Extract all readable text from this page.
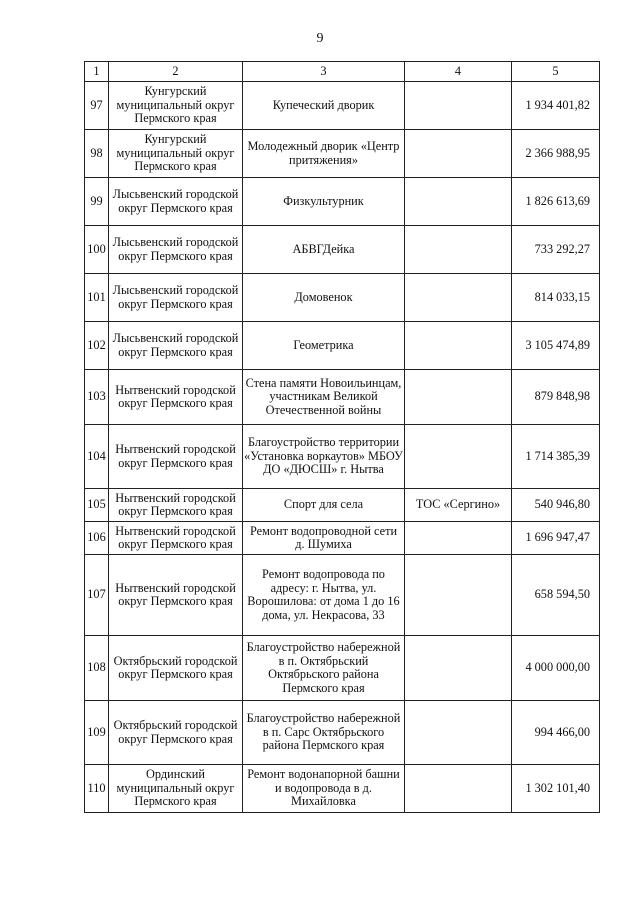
9
1	2	3	4	5
97	Кунгурский муниципальный округ Пермского края	Купеческий дворик		1 934 401,82
98	Кунгурский муниципальный округ Пермского края	Молодежный дворик «Центр притяжения»		2 366 988,95
99	Лысьвенский городской округ Пермского края	Физкультурник		1 826 613,69
100	Лысьвенский городской округ Пермского края	АБВГДейка		733 292,27
101	Лысьвенский городской округ Пермского края	Домовенок		814 033,15
102	Лысьвенский городской округ Пермского края	Геометрика		3 105 474,89
103	Нытвенский городской округ Пермского края	Стена памяти Новоильинцам, участникам Великой Отечественной войны		879 848,98
104	Нытвенский городской округ Пермского края	Благоустройство территории «Установка воркаутов» МБОУ ДО «ДЮСШ» г. Нытва		1 714 385,39
105	Нытвенский городской округ Пермского края	Спорт для села	ТОС «Сергино»	540 946,80
106	Нытвенский городской округ Пермского края	Ремонт водопроводной сети д. Шумиха		1 696 947,47
107	Нытвенский городской округ Пермского края	Ремонт водопровода по адресу: г. Нытва, ул. Ворошилова: от дома 1 до 16 дома, ул. Некрасова, 33		658 594,50
108	Октябрьский городской округ Пермского края	Благоустройство набережной в п. Октябрьский Октябрьского района Пермского края		4 000 000,00
109	Октябрьский городской округ Пермского края	Благоустройство набережной в п. Сарс Октябрьского района Пермского края		994 466,00
110	Ординский муниципальный округ Пермского края	Ремонт водонапорной башни и водопровода в д. Михайловка		1 302 101,40
